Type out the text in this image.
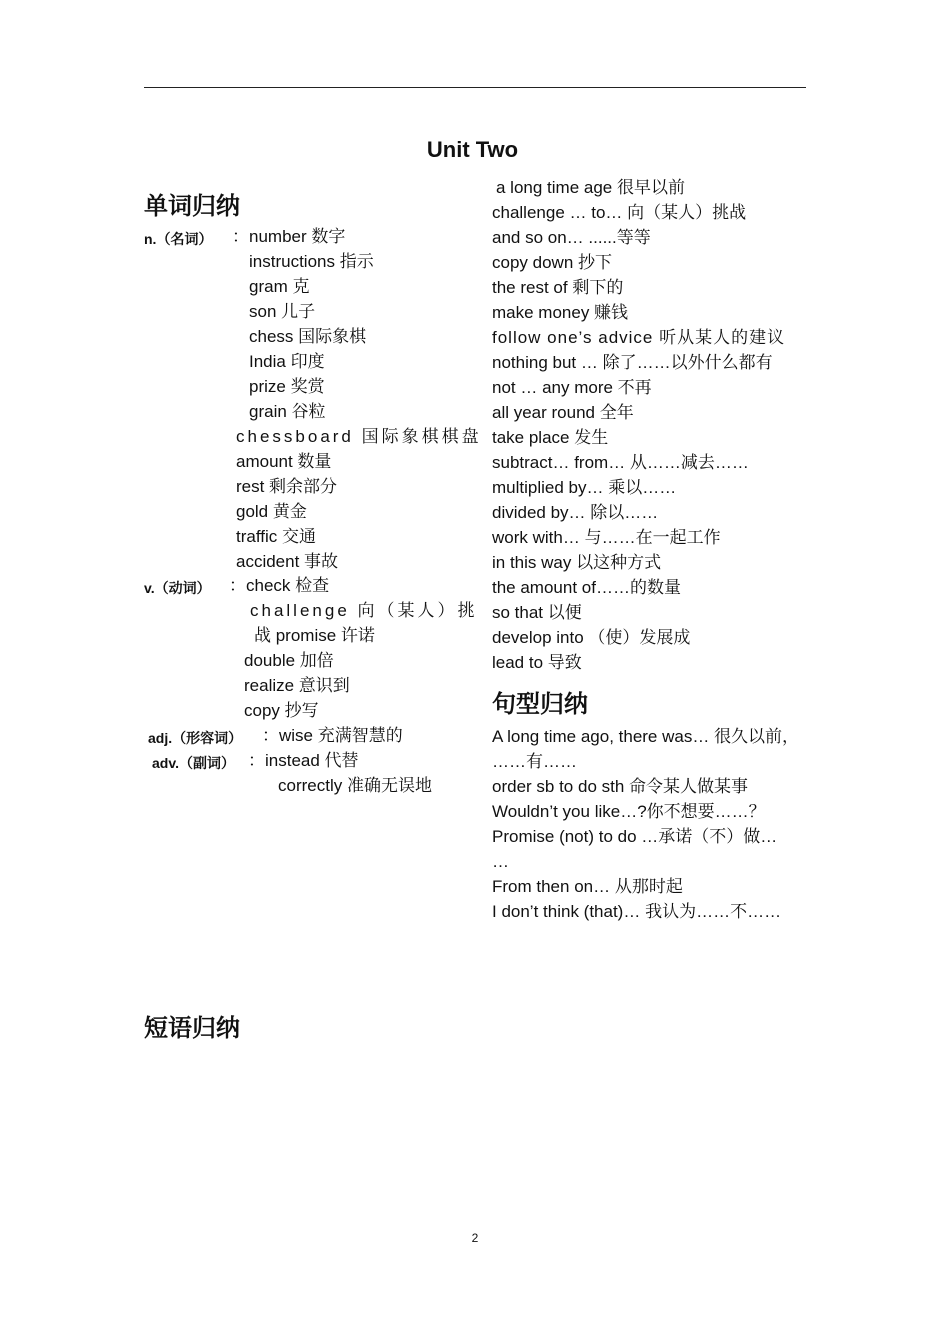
Unit Two
单词归纳
n.（名词） ：number 数字
instructions 指示
gram 克
son 儿子
chess 国际象棋
India 印度
prize 奖赏
grain 谷粒
chessboard 国际象棋棋盘
amount 数量
rest 剩余部分
gold 黄金
traffic 交通
accident 事故
v.（动词） ：check 检查
challenge 向（某人）挑
战 promise 许诺
double 加倍
realize 意识到
copy 抄写
adj.（形容词） ：wise 充满智慧的
adv.（副词） ：instead 代替
correctly 准确无误地
a long time age 很早以前
challenge … to… 向（某人）挑战
and so on… ......等等
copy down 抄下
the rest of 剩下的
make money 赚钱
follow one’s advice 听从某人的建议
nothing but … 除了……以外什么都有
not … any more 不再
all year round 全年
take place 发生
subtract… from… 从……减去……
multiplied by… 乘以……
divided by… 除以……
work with… 与……在一起工作
in this way 以这种方式
the amount of……的数量
so that 以便
develop into （使）发展成
lead to 导致
句型归纳
A long time ago, there was… 很久以前，
……有……
order sb to do sth 命令某人做某事
Wouldn’t you like…?你不想要……？
Promise (not) to do …承诺（不）做…
…
From then on… 从那时起
I don’t think (that)… 我认为……不……
短语归纳
2
